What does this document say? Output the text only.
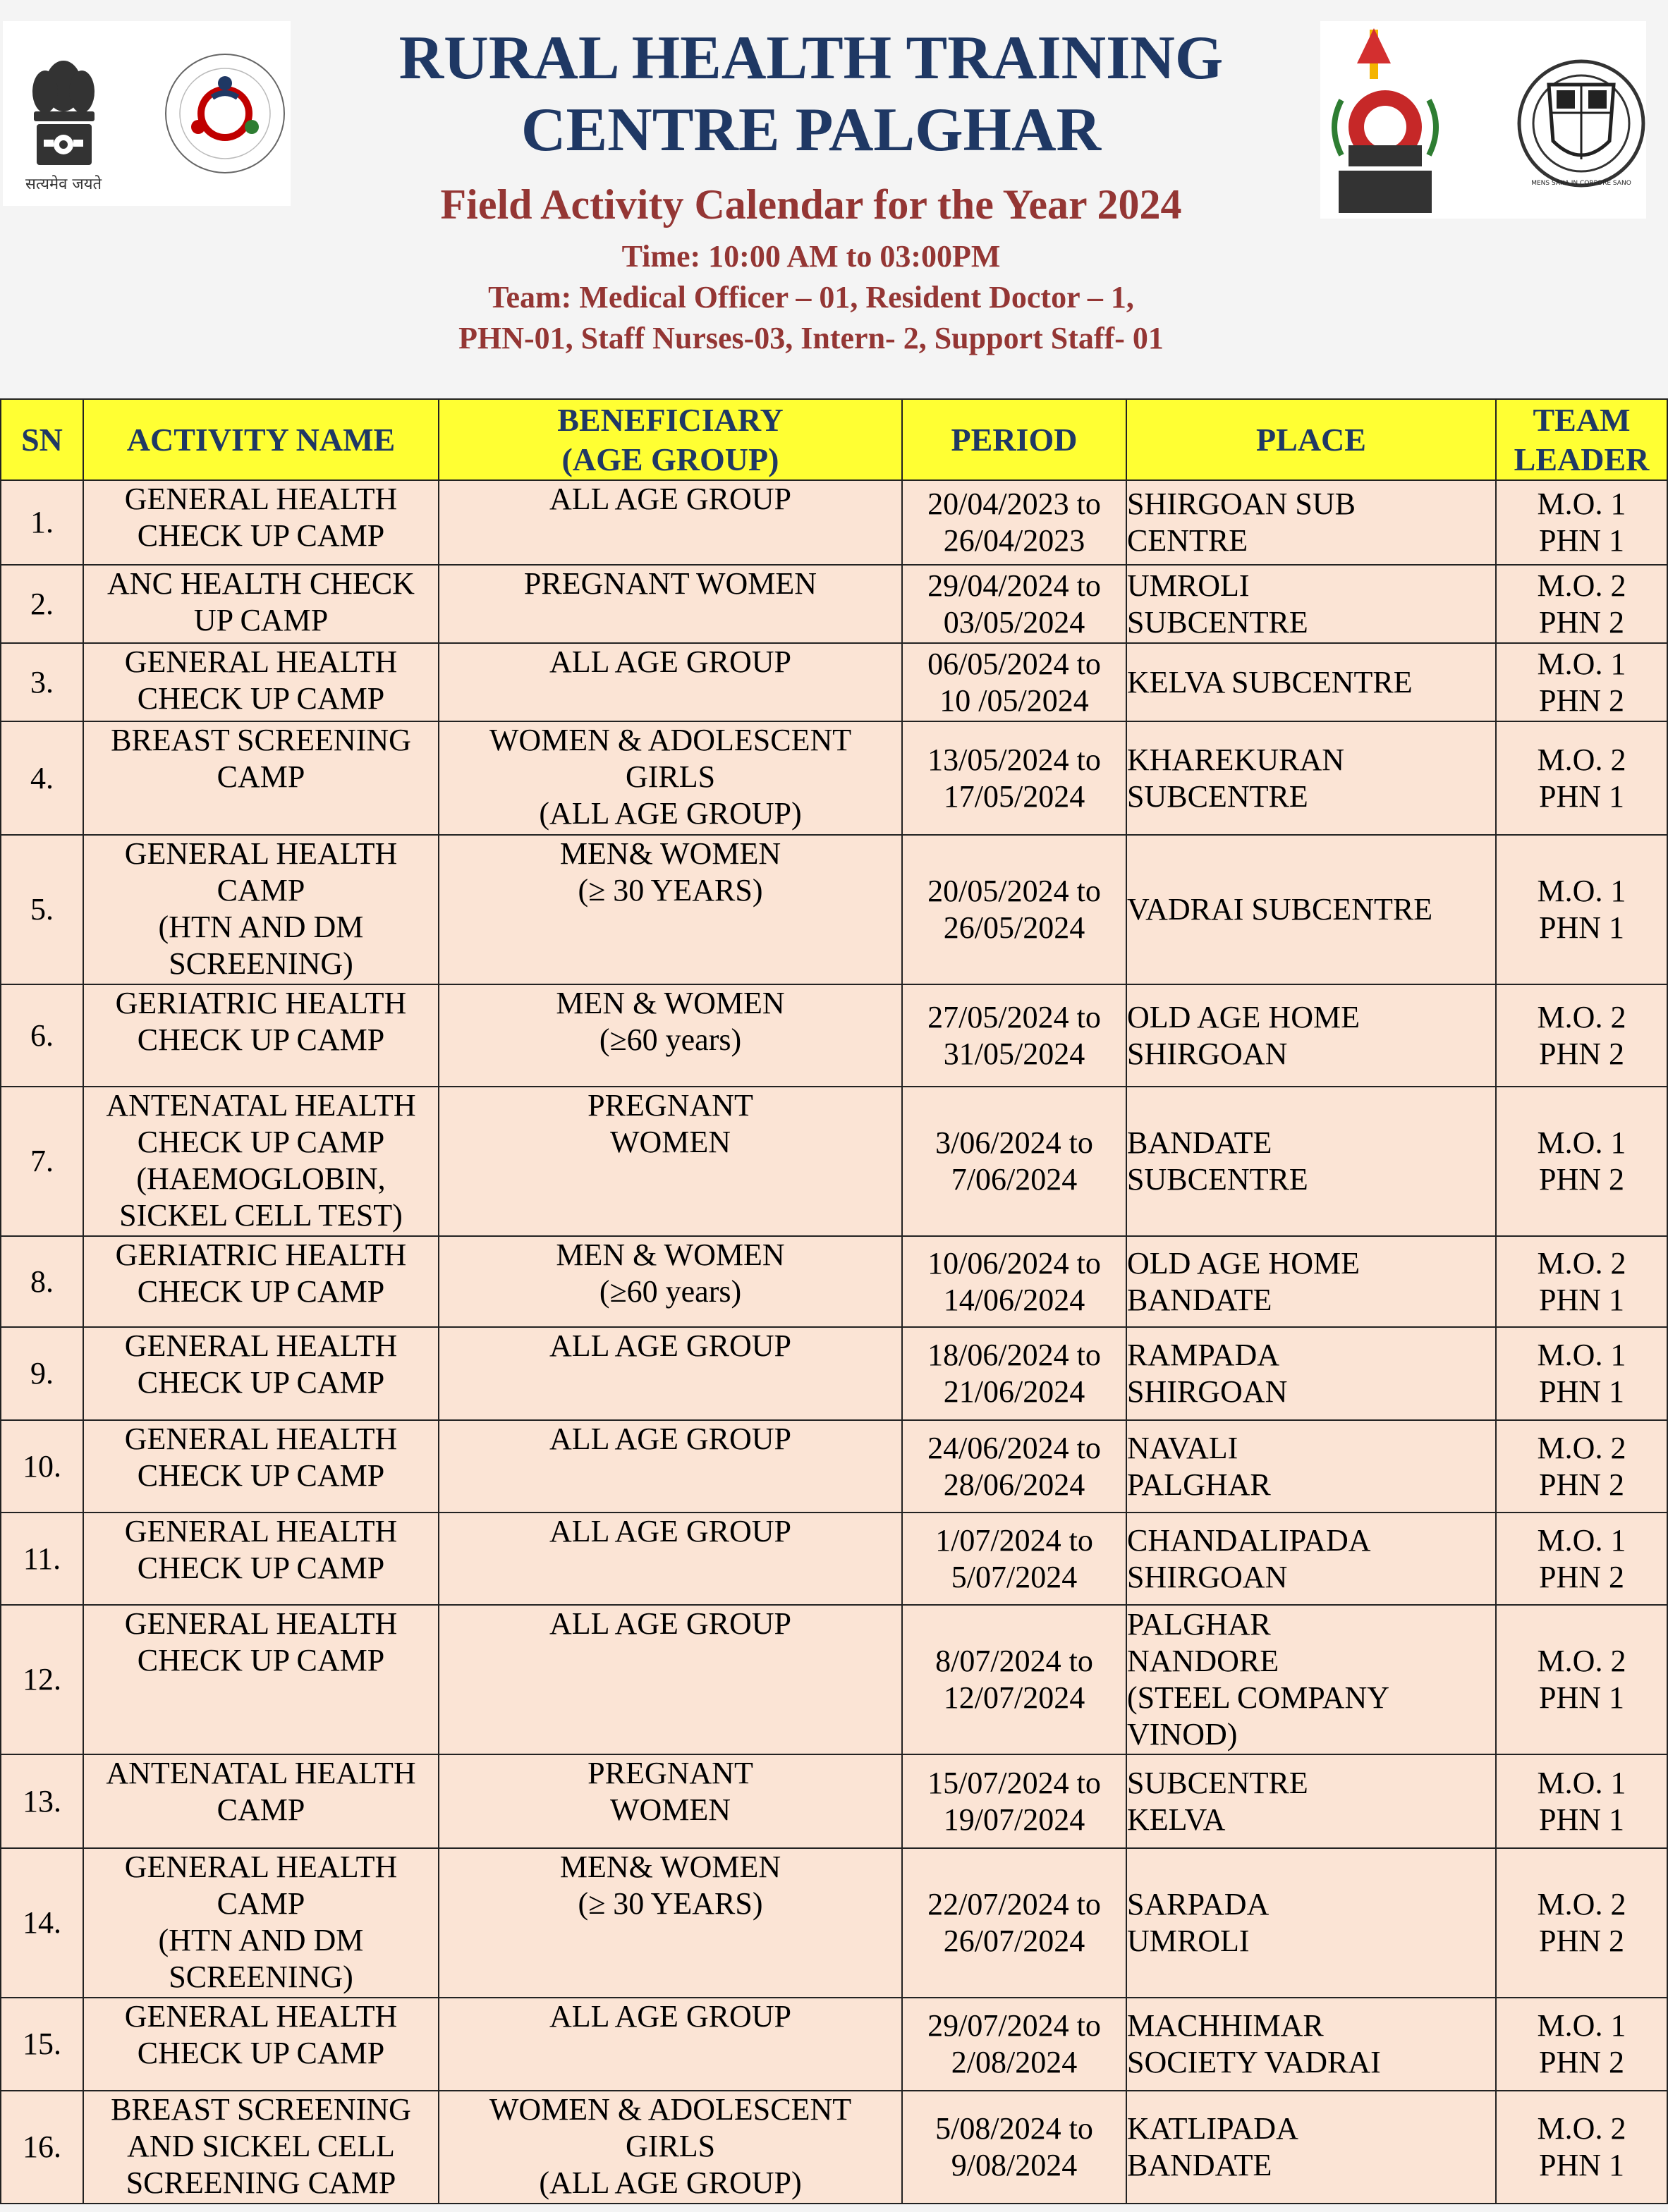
सत्यमेव जयते
RURAL HEALTH TRAINING
CENTRE PALGHAR
Field Activity Calendar for the Year 2024
Time: 10:00 AM to 03:00PM
Team: Medical Officer – 01, Resident Doctor – 1,
PHN-01, Staff Nurses-03, Intern- 2, Support Staff- 01
MENS SANA IN CORPORE SANO
SN	ACTIVITY NAME	BENEFICIARY
(AGE GROUP)	PERIOD	PLACE	TEAM
LEADER
1.	GENERAL HEALTH
CHECK UP CAMP	ALL AGE GROUP	20/04/2023 to
26/04/2023	SHIRGOAN SUB
CENTRE	M.O. 1
PHN 1
2.	ANC HEALTH CHECK
UP CAMP	PREGNANT WOMEN	29/04/2024 to
03/05/2024	UMROLI
SUBCENTRE	M.O. 2
PHN 2
3.	GENERAL HEALTH
CHECK UP CAMP	ALL AGE GROUP	06/05/2024 to
10 /05/2024	KELVA SUBCENTRE	M.O. 1
PHN 2
4.	BREAST SCREENING
CAMP	WOMEN & ADOLESCENT
GIRLS
(ALL AGE GROUP)	13/05/2024 to
17/05/2024	KHAREKURAN
SUBCENTRE	M.O. 2
PHN 1
5.	GENERAL HEALTH
CAMP
(HTN AND DM
SCREENING)	MEN& WOMEN
(≥ 30 YEARS)	20/05/2024 to
26/05/2024	VADRAI SUBCENTRE	M.O. 1
PHN 1
6.	GERIATRIC HEALTH
CHECK UP CAMP	MEN & WOMEN
(≥60 years)	27/05/2024 to
31/05/2024	OLD AGE HOME
SHIRGOAN	M.O. 2
PHN 2
7.	ANTENATAL HEALTH
CHECK UP CAMP
(HAEMOGLOBIN,
SICKEL CELL TEST)	PREGNANT
WOMEN	3/06/2024 to
7/06/2024	BANDATE
SUBCENTRE	M.O. 1
PHN 2
8.	GERIATRIC HEALTH
CHECK UP CAMP	MEN & WOMEN
(≥60 years)	10/06/2024 to
14/06/2024	OLD AGE HOME
BANDATE	M.O. 2
PHN 1
9.	GENERAL HEALTH
CHECK UP CAMP	ALL AGE GROUP	18/06/2024 to
21/06/2024	RAMPADA
SHIRGOAN	M.O. 1
PHN 1
10.	GENERAL HEALTH
CHECK UP CAMP	ALL AGE GROUP	24/06/2024 to
28/06/2024	NAVALI
PALGHAR	M.O. 2
PHN 2
11.	GENERAL HEALTH
CHECK UP CAMP	ALL AGE GROUP	1/07/2024 to
5/07/2024	CHANDALIPADA
SHIRGOAN	M.O. 1
PHN 2
12.	GENERAL HEALTH
CHECK UP CAMP	ALL AGE GROUP	8/07/2024 to
12/07/2024	PALGHAR
NANDORE
(STEEL COMPANY
VINOD)	M.O. 2
PHN 1
13.	ANTENATAL HEALTH
CAMP	PREGNANT
WOMEN	15/07/2024 to
19/07/2024	SUBCENTRE
KELVA	M.O. 1
PHN 1
14.	GENERAL HEALTH
CAMP
(HTN AND DM
SCREENING)	MEN& WOMEN
(≥ 30 YEARS)	22/07/2024 to
26/07/2024	SARPADA
UMROLI	M.O. 2
PHN 2
15.	GENERAL HEALTH
CHECK UP CAMP	ALL AGE GROUP	29/07/2024 to
2/08/2024	MACHHIMAR
SOCIETY VADRAI	M.O. 1
PHN 2
16.	BREAST SCREENING
AND SICKEL CELL
SCREENING CAMP	WOMEN & ADOLESCENT
GIRLS
(ALL AGE GROUP)	5/08/2024 to
9/08/2024	KATLIPADA
BANDATE	M.O. 2
PHN 1
